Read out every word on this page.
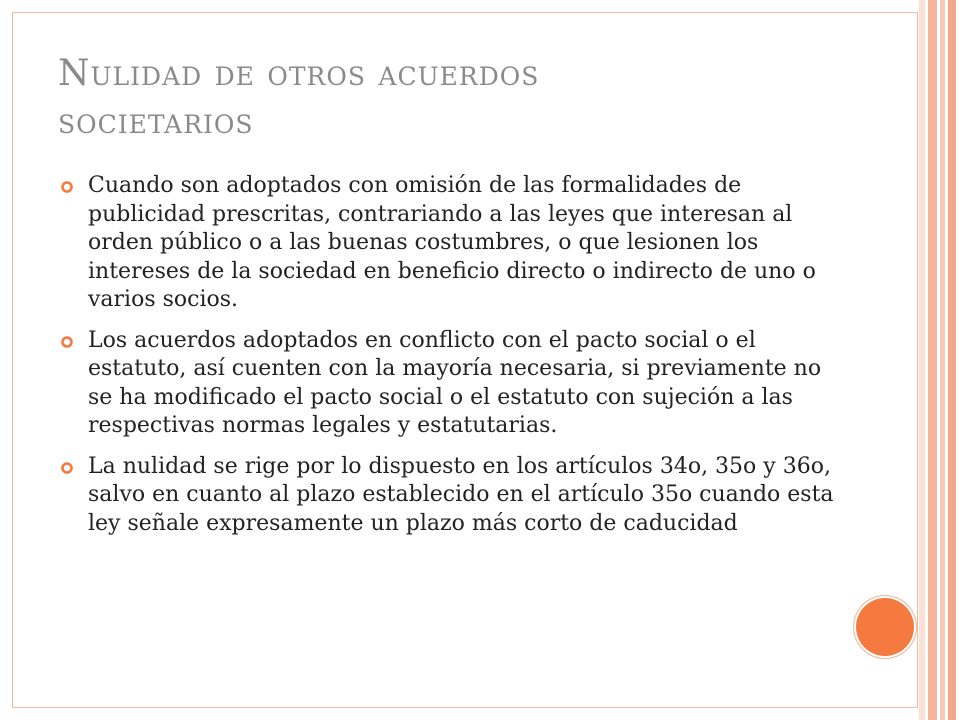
Nulidad de otros acuerdos
societarios
Cuando son adoptados con omisión de las formalidades de publicidad prescritas, contrariando a las leyes que interesan al orden público o a las buenas costumbres, o que lesionen los intereses de la sociedad en beneficio directo o indirecto de uno o varios socios.
Los acuerdos adoptados en conflicto con el pacto social o el estatuto, así cuenten con la mayoría necesaria, si previamente no se ha modificado el pacto social o el estatuto con sujeción a las respectivas normas legales y estatutarias.
La nulidad se rige por lo dispuesto en los artículos 34o, 35o y 36o, salvo en cuanto al plazo establecido en el artículo 35o cuando esta ley señale expresamente un plazo más corto de caducidad
